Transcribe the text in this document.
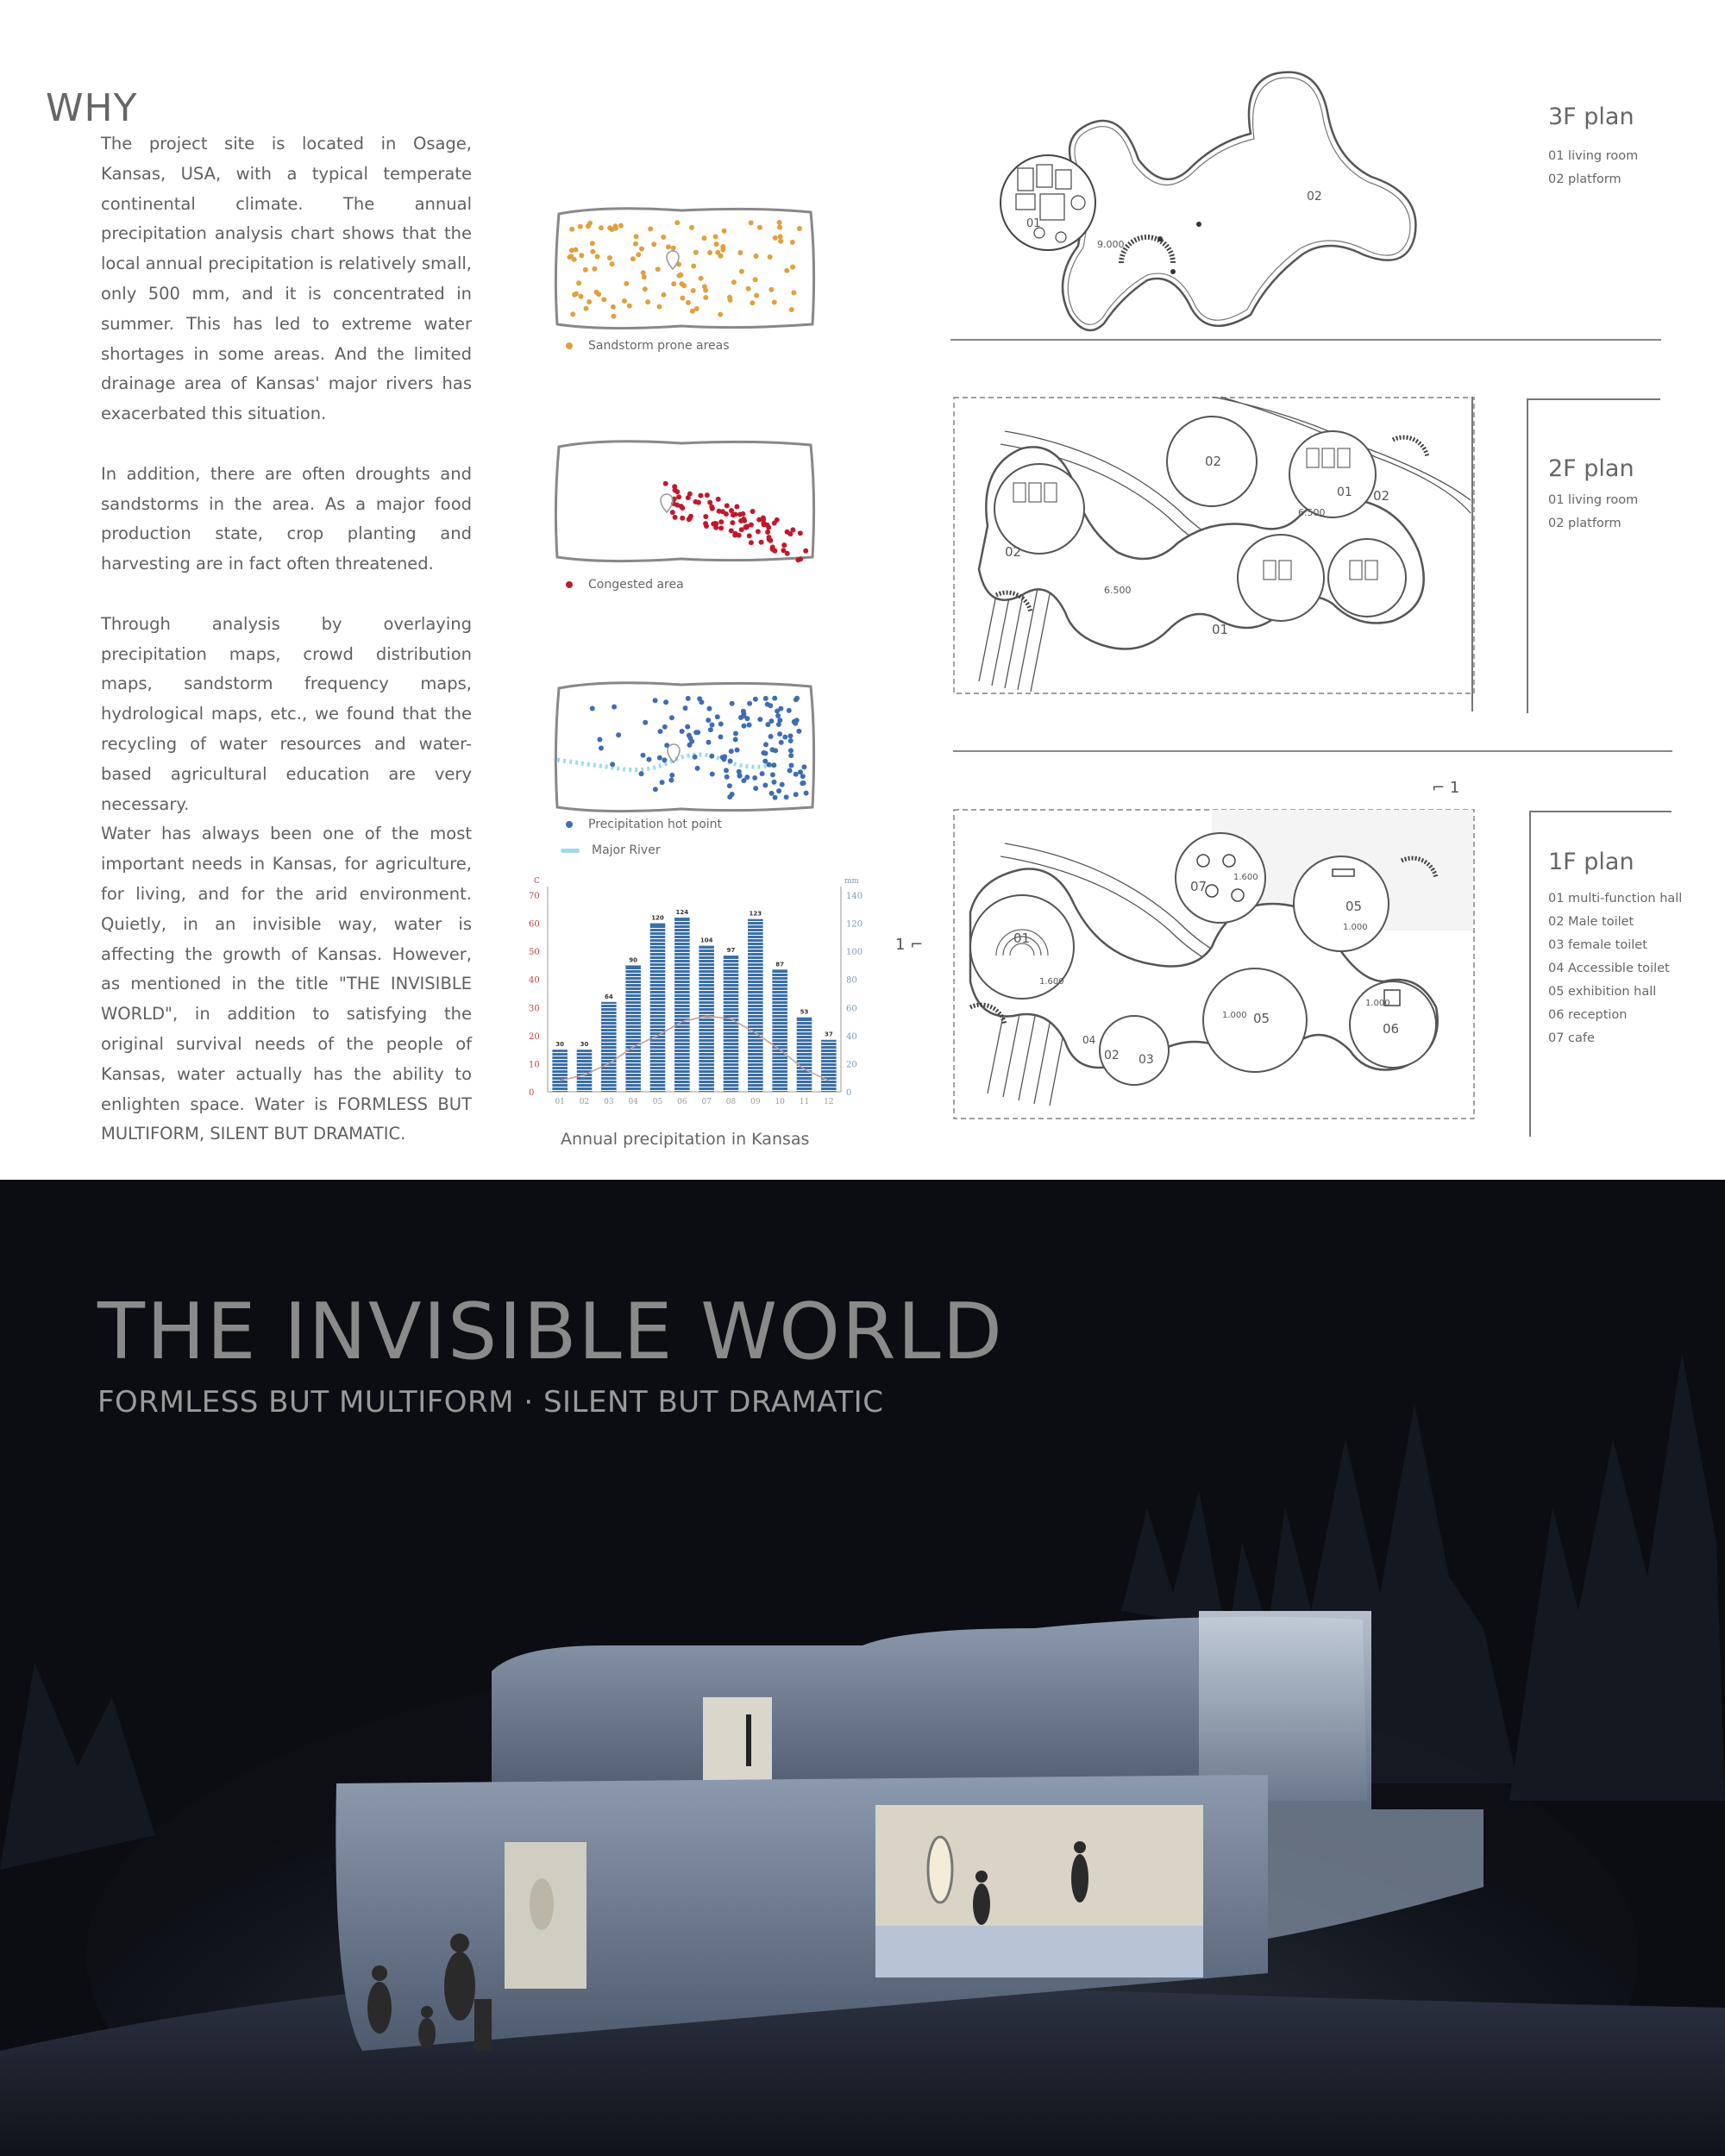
WHY

The project site is located in Osage, Kansas, USA, with a typical temperate continental climate. The annual precipitation analysis chart shows that the local annual precipitation is relatively small, only 500 mm, and it is concentrated in summer. This has led to extreme water shortages in some areas. And the limited drainage area of Kansas' major rivers has exacerbated this situation.

In addition, there are often droughts and sandstorms in the area. As a major food production state, crop planting and harvesting are in fact often threatened.

Through analysis by overlaying precipitation maps, crowd distribution maps, sandstorm frequency maps, hydrological maps, etc., we found that the recycling of water resources and water-based agricultural education are very necessary.

Water has always been one of the most important needs in Kansas, for agriculture, for living, and for the arid environment. Quietly, in an invisible way, water is affecting the growth of Kansas. However, as mentioned in the title "THE INVISIBLE WORLD", in addition to satisfying the original survival needs of the people of Kansas, water actually has the ability to enlighten space. Water is FORMLESS BUT MULTIFORM, SILENT BUT DRAMATIC.

Sandstorm prone areas
Congested area
Precipitation hot point
Major River
C	mm
0	0
10	20
20	40
30	60
40	80
50	100
60	120
70	140
30
01
30
02
64
03
90
04
120
05
124
06
104
07
97
08
123
09
87
10
53
11
37
12
Annual precipitation in Kansas
02
01
9.000
3F plan
01 living room
02 platform
02
02
02
01
01
6.500
6.500
2F plan
01 living room
02 platform
⌐ 1
1 ⌐	01
07
05
05
06
02 03
04
1.600
1.600
1.000
1.000
1.000
1F plan
01 multi-function hall
02 Male toilet
03 female toilet
04 Accessible toilet
05 exhibition hall
06 reception
07 cafe
THE INVISIBLE WORLD
FORMLESS BUT MULTIFORM · SILENT BUT DRAMATIC
